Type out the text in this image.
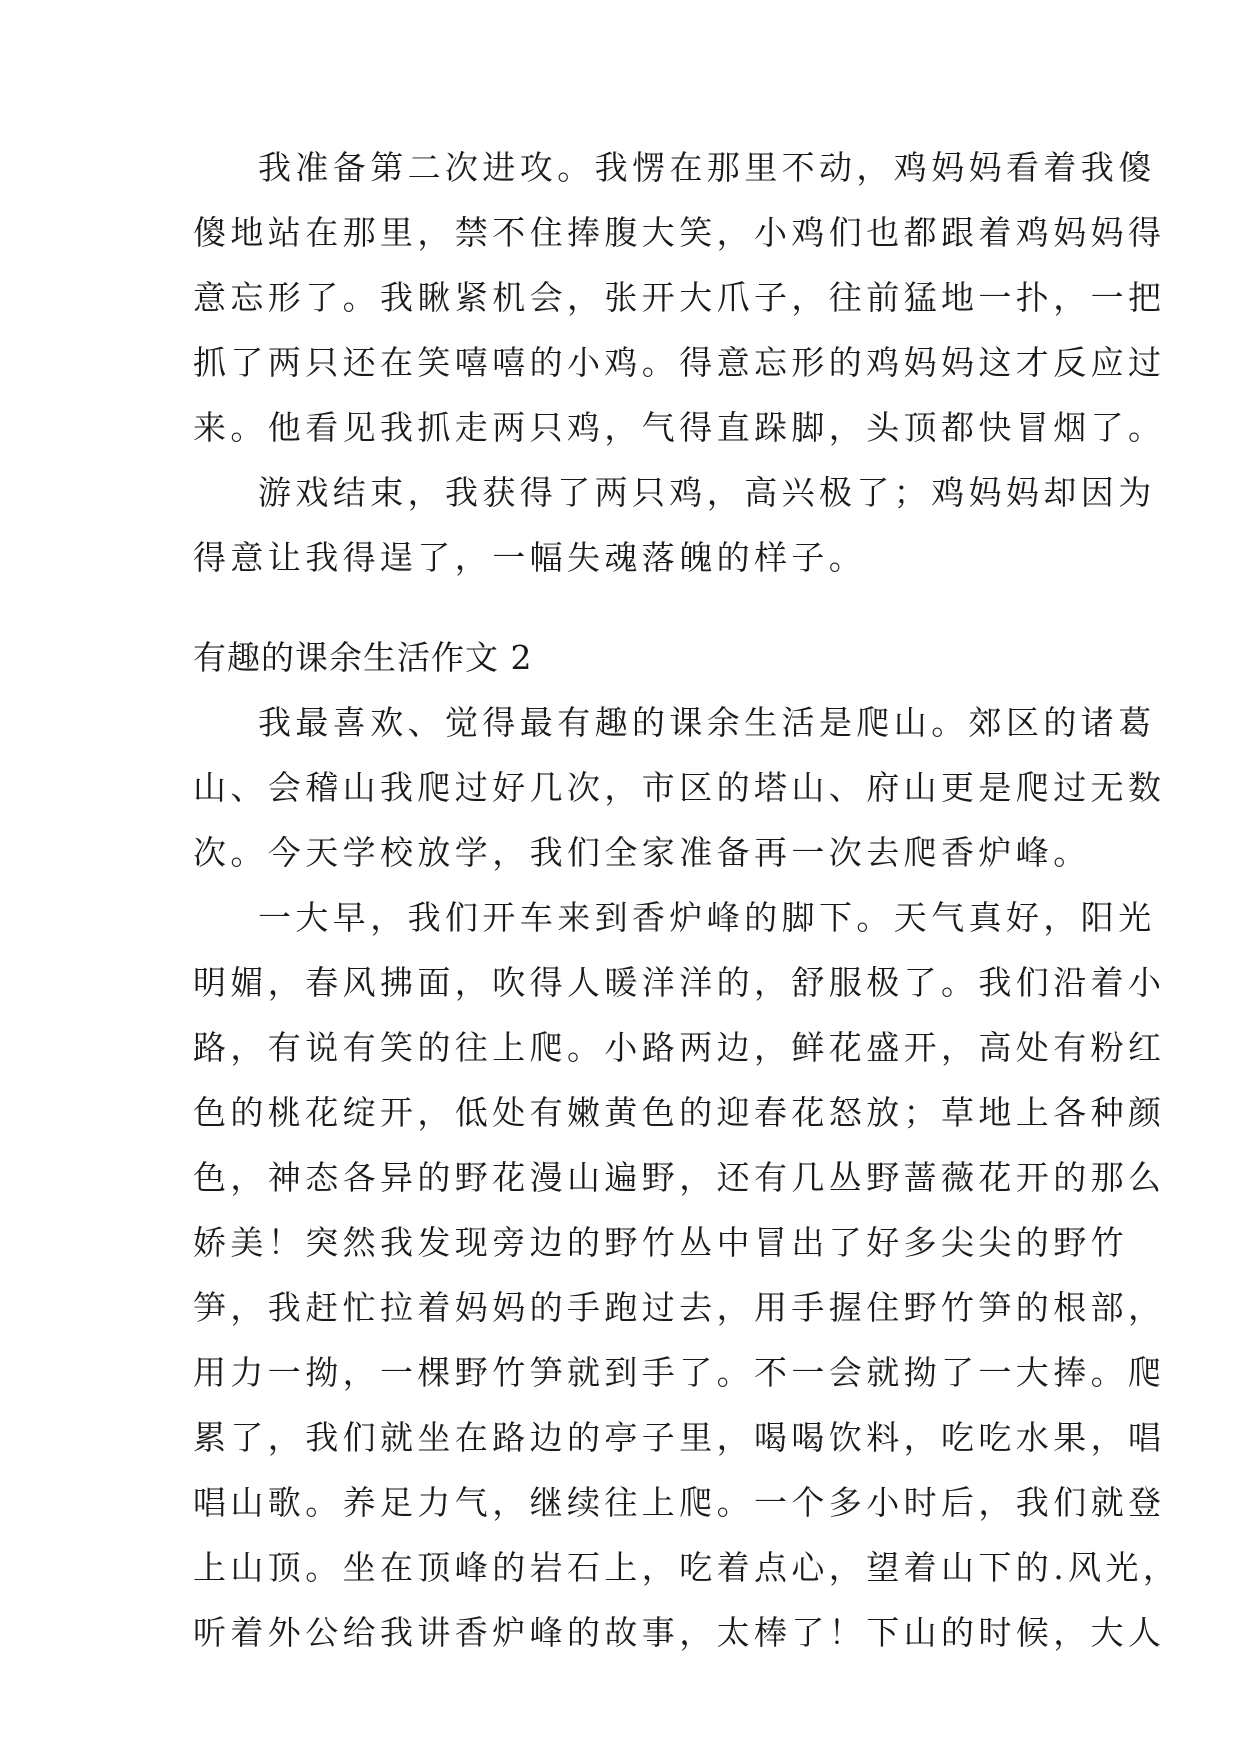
我准备第二次进攻。我愣在那里不动，鸡妈妈看着我傻
傻地站在那里，禁不住捧腹大笑，小鸡们也都跟着鸡妈妈得
意忘形了。我瞅紧机会，张开大爪子，往前猛地一扑，一把
抓了两只还在笑嘻嘻的小鸡。得意忘形的鸡妈妈这才反应过
来。他看见我抓走两只鸡，气得直跺脚，头顶都快冒烟了。
游戏结束，我获得了两只鸡，高兴极了；鸡妈妈却因为
得意让我得逞了，一幅失魂落魄的样子。
有趣的课余生活作文 2
我最喜欢、觉得最有趣的课余生活是爬山。郊区的诸葛
山、会稽山我爬过好几次，市区的塔山、府山更是爬过无数
次。今天学校放学，我们全家准备再一次去爬香炉峰。
一大早，我们开车来到香炉峰的脚下。天气真好，阳光
明媚，春风拂面，吹得人暖洋洋的，舒服极了。我们沿着小
路，有说有笑的往上爬。小路两边，鲜花盛开，高处有粉红
色的桃花绽开，低处有嫩黄色的迎春花怒放；草地上各种颜
色，神态各异的野花漫山遍野，还有几丛野蔷薇花开的那么
娇美！突然我发现旁边的野竹丛中冒出了好多尖尖的野竹
笋，我赶忙拉着妈妈的手跑过去，用手握住野竹笋的根部，
用力一拗，一棵野竹笋就到手了。不一会就拗了一大捧。爬
累了，我们就坐在路边的亭子里，喝喝饮料，吃吃水果，唱
唱山歌。养足力气，继续往上爬。一个多小时后，我们就登
上山顶。坐在顶峰的岩石上，吃着点心，望着山下的.风光，
听着外公给我讲香炉峰的故事，太棒了！下山的时候，大人
